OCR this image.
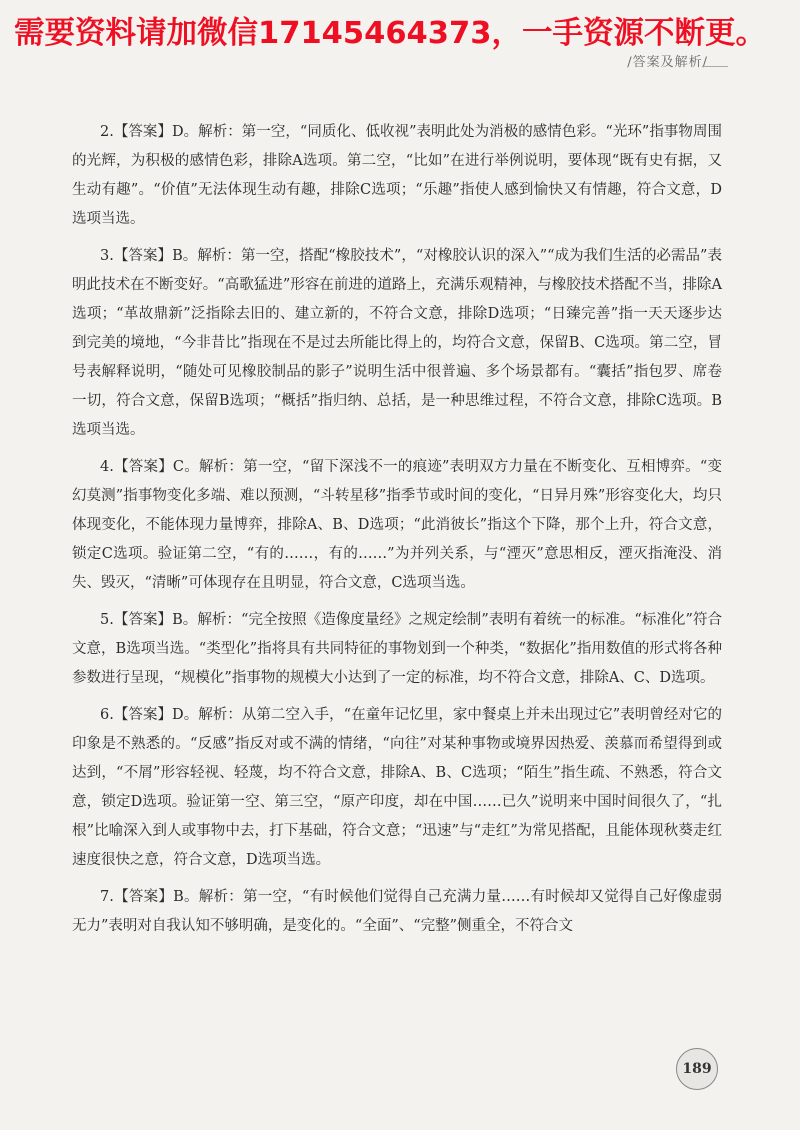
需要资料请加微信17145464373，一手资源不断更。
/答案及解析/

2.【答案】D。解析：第一空，“同质化、低收视”表明此处为消极的感情色彩。“光环”指事物周围的光辉，为积极的感情色彩，排除A选项。第二空，“比如”在进行举例说明，要体现“既有史有据，又生动有趣”。“价值”无法体现生动有趣，排除C选项；“乐趣”指使人感到愉快又有情趣，符合文意，D选项当选。

3.【答案】B。解析：第一空，搭配“橡胶技术”，“对橡胶认识的深入”“成为我们生活的必需品”表明此技术在不断变好。“高歌猛进”形容在前进的道路上，充满乐观精神，与橡胶技术搭配不当，排除A选项；“革故鼎新”泛指除去旧的、建立新的，不符合文意，排除D选项；“日臻完善”指一天天逐步达到完美的境地，“今非昔比”指现在不是过去所能比得上的，均符合文意，保留B、C选项。第二空，冒号表解释说明，“随处可见橡胶制品的影子”说明生活中很普遍、多个场景都有。“囊括”指包罗、席卷一切，符合文意，保留B选项；“概括”指归纳、总括，是一种思维过程，不符合文意，排除C选项。B选项当选。

4.【答案】C。解析：第一空，“留下深浅不一的痕迹”表明双方力量在不断变化、互相博弈。“变幻莫测”指事物变化多端、难以预测，“斗转星移”指季节或时间的变化，“日异月殊”形容变化大，均只体现变化，不能体现力量博弈，排除A、B、D选项；“此消彼长”指这个下降，那个上升，符合文意，锁定C选项。验证第二空，“有的……，有的……”为并列关系，与“湮灭”意思相反，湮灭指淹没、消失、毁灭，“清晰”可体现存在且明显，符合文意，C选项当选。

5.【答案】B。解析：“完全按照《造像度量经》之规定绘制”表明有着统一的标准。“标准化”符合文意，B选项当选。“类型化”指将具有共同特征的事物划到一个种类，“数据化”指用数值的形式将各种参数进行呈现，“规模化”指事物的规模大小达到了一定的标准，均不符合文意，排除A、C、D选项。

6.【答案】D。解析：从第二空入手，“在童年记忆里，家中餐桌上并未出现过它”表明曾经对它的印象是不熟悉的。“反感”指反对或不满的情绪，“向往”对某种事物或境界因热爱、羡慕而希望得到或达到，“不屑”形容轻视、轻蔑，均不符合文意，排除A、B、C选项；“陌生”指生疏、不熟悉，符合文意，锁定D选项。验证第一空、第三空，“原产印度，却在中国……已久”说明来中国时间很久了，“扎根”比喻深入到人或事物中去，打下基础，符合文意；“迅速”与“走红”为常见搭配，且能体现秋葵走红速度很快之意，符合文意，D选项当选。

7.【答案】B。解析：第一空，“有时候他们觉得自己充满力量……有时候却又觉得自己好像虚弱无力”表明对自我认知不够明确，是变化的。“全面”、“完整”侧重全，不符合文

189
